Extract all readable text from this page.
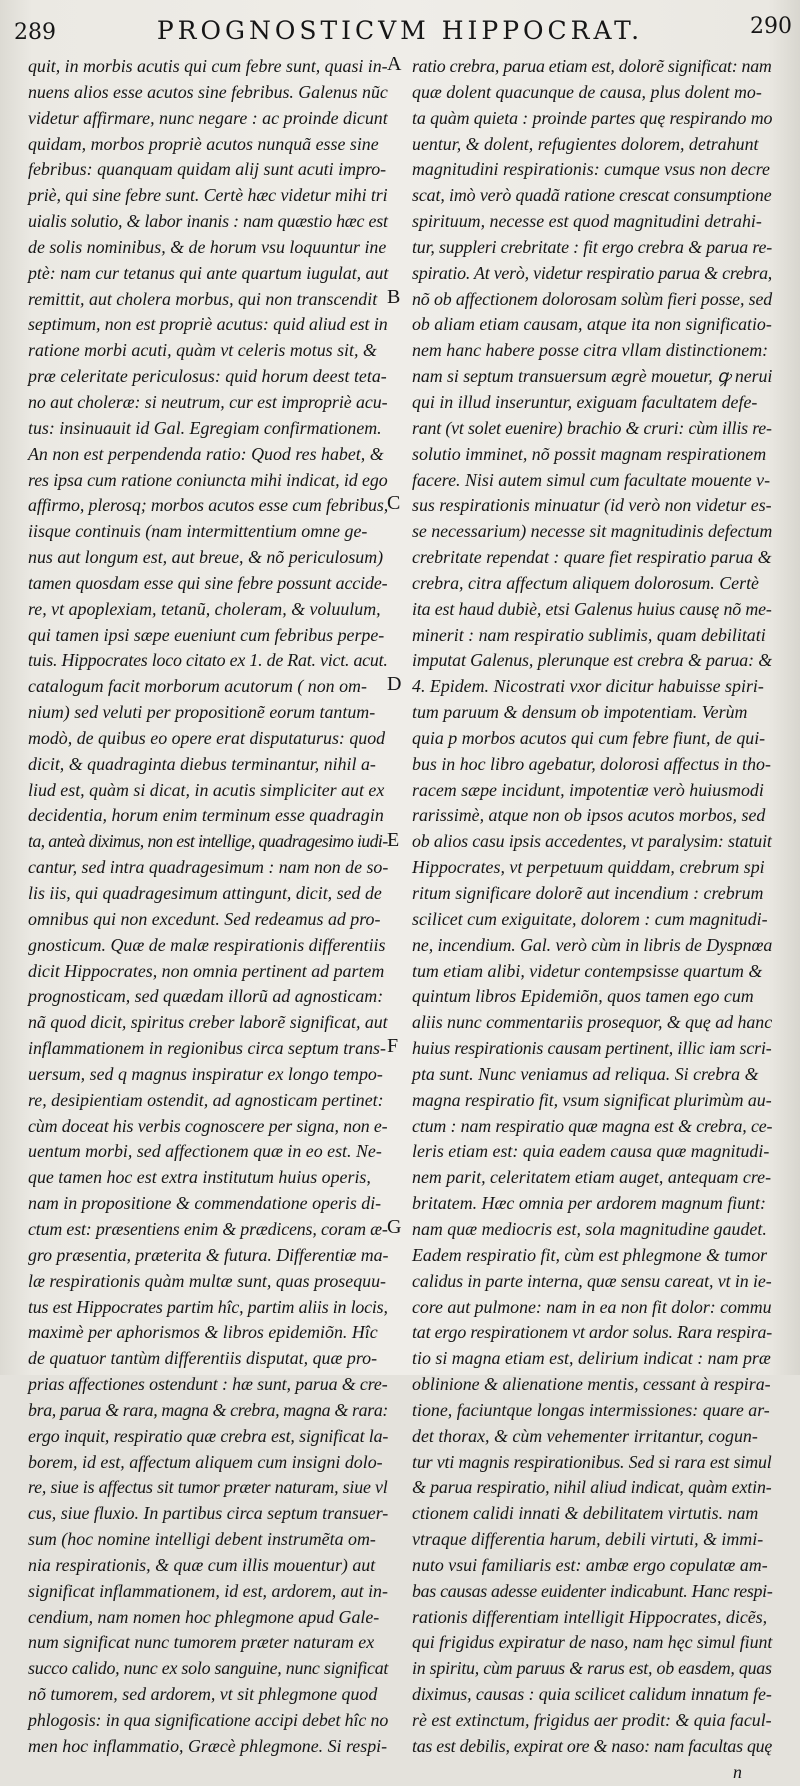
289	PROGNOSTICVM HIPPOCRAT.	290
quit, in morbis acutis qui cum febre sunt, quasi in-
nuens alios esse acutos sine febribus. Galenus nũc
videtur affirmare, nunc negare : ac proinde dicunt
quidam, morbos propriè acutos nunquã esse sine
febribus: quanquam quidam alij sunt acuti impro-
priè, qui sine febre sunt. Certè hæc videtur mihi tri
uialis solutio, & labor inanis : nam quæstio hæc est
de solis nominibus, & de horum vsu loquuntur ine
ptè: nam cur tetanus qui ante quartum iugulat, aut
remittit, aut cholera morbus, qui non transcendit
septimum, non est propriè acutus: quid aliud est in
ratione morbi acuti, quàm vt celeris motus sit, &
præ celeritate periculosus: quid horum deest teta-
no aut choleræ: si neutrum, cur est impropriè acu-
tus: insinuauit id Gal. Egregiam confirmationem.
An non est perpendenda ratio: Quod res habet, &
res ipsa cum ratione coniuncta mihi indicat, id ego
affirmo, plerosq; morbos acutos esse cum febribus,
iisque continuis (nam intermittentium omne ge-
nus aut longum est, aut breue, & nõ periculosum)
tamen quosdam esse qui sine febre possunt accide-
re, vt apoplexiam, tetanũ, choleram, & voluulum,
qui tamen ipsi sæpe eueniunt cum febribus perpe-
tuis. Hippocrates loco citato ex 1. de Rat. vict. acut.
catalogum facit morborum acutorum ( non om-
nium) sed veluti per propositionẽ eorum tantum-
modò, de quibus eo opere erat disputaturus: quod
dicit, & quadraginta diebus terminantur, nihil a-
liud est, quàm si dicat, in acutis simpliciter aut ex
decidentia, horum enim terminum esse quadragin
ta, anteà diximus, non est intellige, quadragesimo iudi-
cantur, sed intra quadragesimum : nam non de so-
lis iis, qui quadragesimum attingunt, dicit, sed de
omnibus qui non excedunt. Sed redeamus ad pro-
gnosticum. Quæ de malæ respirationis differentiis
dicit Hippocrates, non omnia pertinent ad partem
prognosticam, sed quædam illorũ ad agnosticam:
nã quod dicit, spiritus creber laborẽ significat, aut
inflammationem in regionibus circa septum trans-
uersum, sed q magnus inspiratur ex longo tempo-
re, desipientiam ostendit, ad agnosticam pertinet:
cùm doceat his verbis cognoscere per signa, non e-
uentum morbi, sed affectionem quæ in eo est. Ne-
que tamen hoc est extra institutum huius operis,
nam in propositione & commendatione operis di-
ctum est: præsentiens enim & prædicens, coram æ-
gro præsentia, præterita & futura. Differentiæ ma-
læ respirationis quàm multæ sunt, quas prosequu-
tus est Hippocrates partim hîc, partim aliis in locis,
maximè per aphorismos & libros epidemiõn. Hîc
de quatuor tantùm differentiis disputat, quæ pro-
prias affectiones ostendunt : hæ sunt, parua & cre-
bra, parua & rara, magna & crebra, magna & rara:
ergo inquit, respiratio quæ crebra est, significat la-
borem, id est, affectum aliquem cum insigni dolo-
re, siue is affectus sit tumor præter naturam, siue vl
cus, siue fluxio. In partibus circa septum transuer-
sum (hoc nomine intelligi debent instrumẽta om-
nia respirationis, & quæ cum illis mouentur) aut
significat inflammationem, id est, ardorem, aut in-
cendium, nam nomen hoc phlegmone apud Gale-
num significat nunc tumorem præter naturam ex
succo calido, nunc ex solo sanguine, nunc significat
nõ tumorem, sed ardorem, vt sit phlegmone quod
phlogosis: in qua significatione accipi debet hîc no
men hoc inflammatio, Græcè phlegmone. Si respi-
A
B
C
D
E
F
G
ratio crebra, parua etiam est, dolorẽ significat: nam
quæ dolent quacunque de causa, plus dolent mo-
ta quàm quieta : proinde partes quę respirando mo
uentur, & dolent, refugientes dolorem, detrahunt
magnitudini respirationis: cumque vsus non decre
scat, imò verò quadã ratione crescat consumptione
spirituum, necesse est quod magnitudini detrahi-
tur, suppleri crebritate : fit ergo crebra & parua re-
spiratio. At verò, videtur respiratio parua & crebra,
nõ ob affectionem dolorosam solùm fieri posse, sed
ob aliam etiam causam, atque ita non significatio-
nem hanc habere posse citra vllam distinctionem:
nam si septum transuersum ægrè mouetur, ꝙ nerui
qui in illud inseruntur, exiguam facultatem defe-
rant (vt solet euenire) brachio & cruri: cùm illis re-
solutio imminet, nõ possit magnam respirationem
facere. Nisi autem simul cum facultate mouente v-
sus respirationis minuatur (id verò non videtur es-
se necessarium) necesse sit magnitudinis defectum
crebritate rependat : quare fiet respiratio parua &
crebra, citra affectum aliquem dolorosum. Certè
ita est haud dubiè, etsi Galenus huius causę nõ me-
minerit : nam respiratio sublimis, quam debilitati
imputat Galenus, plerunque est crebra & parua: &
4. Epidem. Nicostrati vxor dicitur habuisse spiri-
tum paruum & densum ob impotentiam. Verùm
quia p morbos acutos qui cum febre fiunt, de qui-
bus in hoc libro agebatur, dolorosi affectus in tho-
racem sæpe incidunt, impotentiæ verò huiusmodi
rarissimè, atque non ob ipsos acutos morbos, sed
ob alios casu ipsis accedentes, vt paralysim: statuit
Hippocrates, vt perpetuum quiddam, crebrum spi
ritum significare dolorẽ aut incendium : crebrum
scilicet cum exiguitate, dolorem : cum magnitudi-
ne, incendium. Gal. verò cùm in libris de Dyspnœa
tum etiam alibi, videtur contempsisse quartum &
quintum libros Epidemiõn, quos tamen ego cum
aliis nunc commentariis prosequor, & quę ad hanc
huius respirationis causam pertinent, illic iam scri-
pta sunt. Nunc veniamus ad reliqua. Si crebra &
magna respiratio fit, vsum significat plurimùm au-
ctum : nam respiratio quæ magna est & crebra, ce-
leris etiam est: quia eadem causa quæ magnitudi-
nem parit, celeritatem etiam auget, antequam cre-
britatem. Hæc omnia per ardorem magnum fiunt:
nam quæ mediocris est, sola magnitudine gaudet.
Eadem respiratio fit, cùm est phlegmone & tumor
calidus in parte interna, quæ sensu careat, vt in ie-
core aut pulmone: nam in ea non fit dolor: commu
tat ergo respirationem vt ardor solus. Rara respira-
tio si magna etiam est, delirium indicat : nam præ
oblinione & alienatione mentis, cessant à respira-
tione, faciuntque longas intermissiones: quare ar-
det thorax, & cùm vehementer irritantur, cogun-
tur vti magnis respirationibus. Sed si rara est simul
& parua respiratio, nihil aliud indicat, quàm extin-
ctionem calidi innati & debilitatem virtutis. nam
vtraque differentia harum, debili virtuti, & immi-
nuto vsui familiaris est: ambæ ergo copulatæ am-
bas causas adesse euidenter indicabunt. Hanc respi-
rationis differentiam intelligit Hippocrates, dicẽs,
qui frigidus expiratur de naso, nam hęc simul fiunt
in spiritu, cùm paruus & rarus est, ob easdem, quas
diximus, causas : quia scilicet calidum innatum fe-
rè est extinctum, frigidus aer prodit: & quia facul-
tas est debilis, expirat ore & naso: nam facultas quę
n
